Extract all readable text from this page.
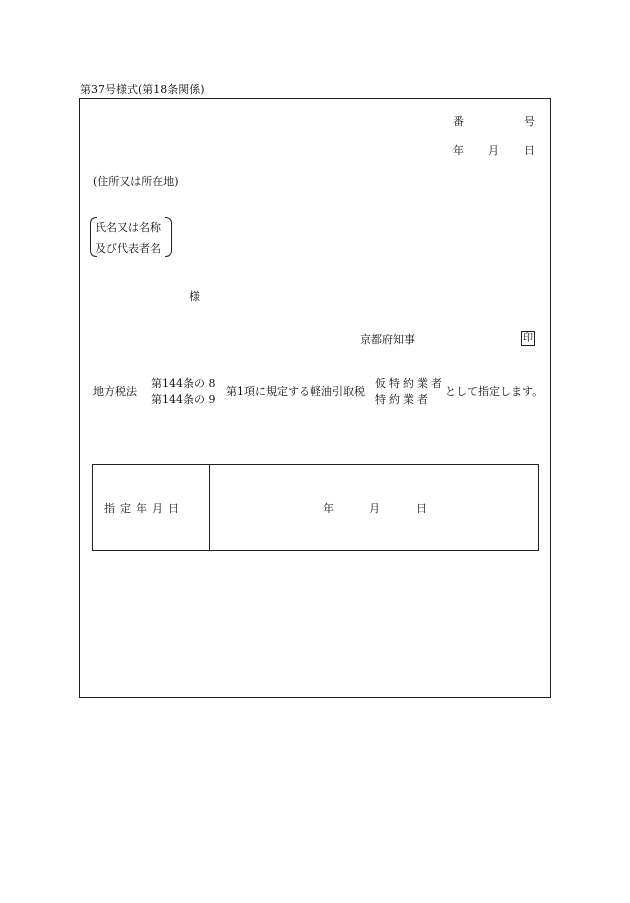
第37号様式(第18条関係)
番	号
年 月 日
(住所又は所在地)
氏名又は名称
及び代表者名
様
京都府知事	印
地方税法
第144条の 8
第144条の 9
第1項に規定する軽油引取税
仮特約業者
特約業者
として指定します。
指定年月日	年	月	日
